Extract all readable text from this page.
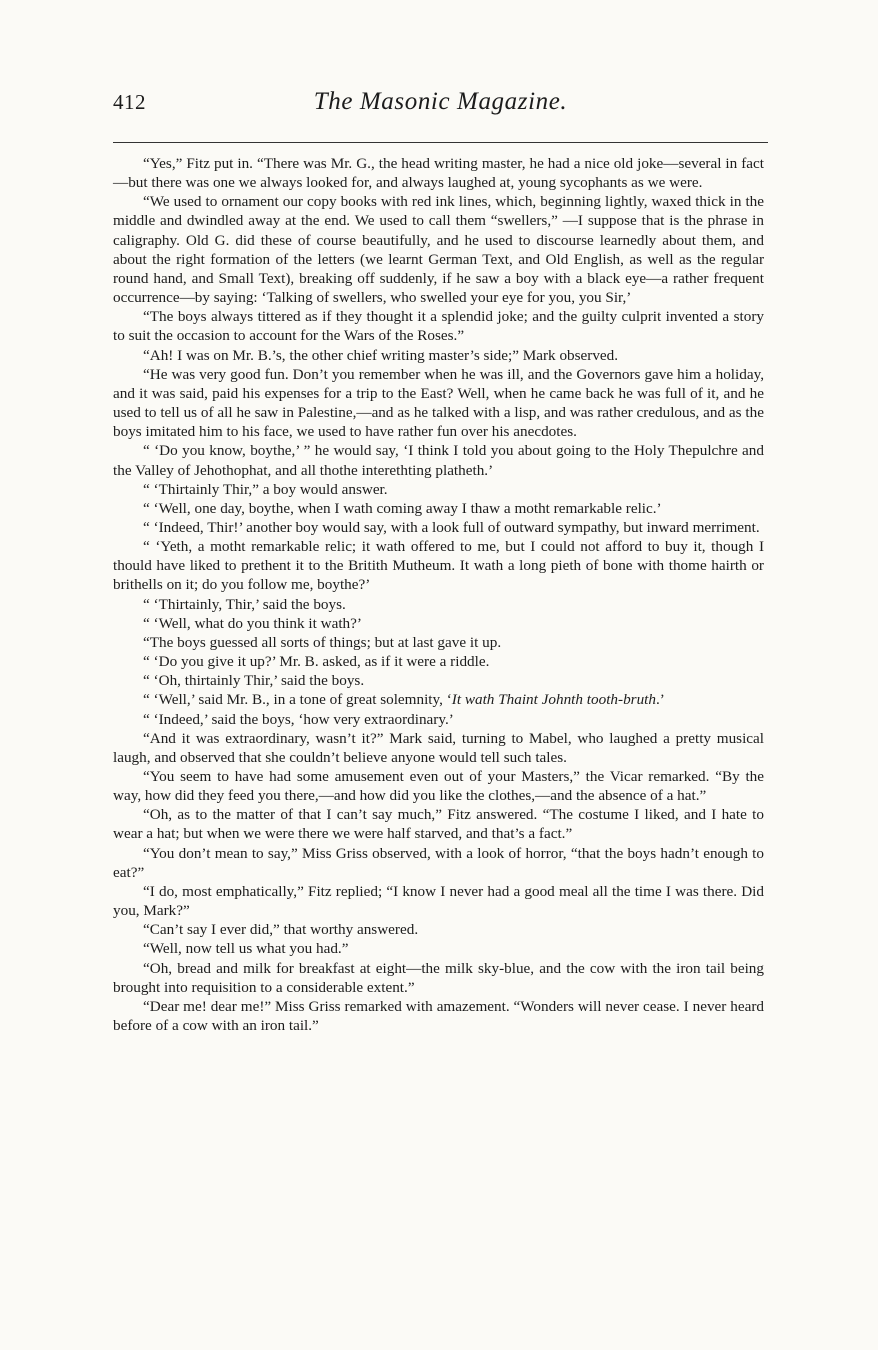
412	The Masonic Magazine.

“Yes,” Fitz put in. “There was Mr. G., the head writing master, he had a nice old joke—several in fact—but there was one we always looked for, and always laughed at, young sycophants as we were.

“We used to ornament our copy books with red ink lines, which, beginning lightly, waxed thick in the middle and dwindled away at the end. We used to call them “swellers,” —I suppose that is the phrase in caligraphy. Old G. did these of course beautifully, and he used to discourse learnedly about them, and about the right formation of the letters (we learnt German Text, and Old English, as well as the regular round hand, and Small Text), breaking off suddenly, if he saw a boy with a black eye—a rather frequent occurrence—by saying: ‘Talking of swellers, who swelled your eye for you, you Sir,’

“The boys always tittered as if they thought it a splendid joke; and the guilty culprit invented a story to suit the occasion to account for the Wars of the Roses.”

“Ah! I was on Mr. B.’s, the other chief writing master’s side;” Mark observed.

“He was very good fun. Don’t you remember when he was ill, and the Governors gave him a holiday, and it was said, paid his expenses for a trip to the East? Well, when he came back he was full of it, and he used to tell us of all he saw in Palestine,—and as he talked with a lisp, and was rather credulous, and as the boys imitated him to his face, we used to have rather fun over his anecdotes.

“ ‘Do you know, boythe,’ ” he would say, ‘I think I told you about going to the Holy Thepulchre and the Valley of Jehothophat, and all thothe interethting platheth.’

“ ‘Thirtainly Thir,” a boy would answer.

“ ‘Well, one day, boythe, when I wath coming away I thaw a motht remarkable relic.’

“ ‘Indeed, Thir!’ another boy would say, with a look full of outward sympathy, but inward merriment.

“ ‘Yeth, a motht remarkable relic; it wath offered to me, but I could not afford to buy it, though I thould have liked to prethent it to the Britith Mutheum. It wath a long pieth of bone with thome hairth or brithells on it; do you follow me, boythe?’

“ ‘Thirtainly, Thir,’ said the boys.

“ ‘Well, what do you think it wath?’

“The boys guessed all sorts of things; but at last gave it up.

“ ‘Do you give it up?’ Mr. B. asked, as if it were a riddle.

“ ‘Oh, thirtainly Thir,’ said the boys.

“ ‘Well,’ said Mr. B., in a tone of great solemnity, ‘It wath Thaint Johnth tooth-bruth.’

“ ‘Indeed,’ said the boys, ‘how very extraordinary.’

“And it was extraordinary, wasn’t it?” Mark said, turning to Mabel, who laughed a pretty musical laugh, and observed that she couldn’t believe anyone would tell such tales.

“You seem to have had some amusement even out of your Masters,” the Vicar remarked. “By the way, how did they feed you there,—and how did you like the clothes,—and the absence of a hat.”

“Oh, as to the matter of that I can’t say much,” Fitz answered. “The costume I liked, and I hate to wear a hat; but when we were there we were half starved, and that’s a fact.”

“You don’t mean to say,” Miss Griss observed, with a look of horror, “that the boys hadn’t enough to eat?”

“I do, most emphatically,” Fitz replied; “I know I never had a good meal all the time I was there. Did you, Mark?”

“Can’t say I ever did,” that worthy answered.

“Well, now tell us what you had.”

“Oh, bread and milk for breakfast at eight—the milk sky-blue, and the cow with the iron tail being brought into requisition to a considerable extent.”

“Dear me! dear me!” Miss Griss remarked with amazement. “Wonders will never cease. I never heard before of a cow with an iron tail.”
